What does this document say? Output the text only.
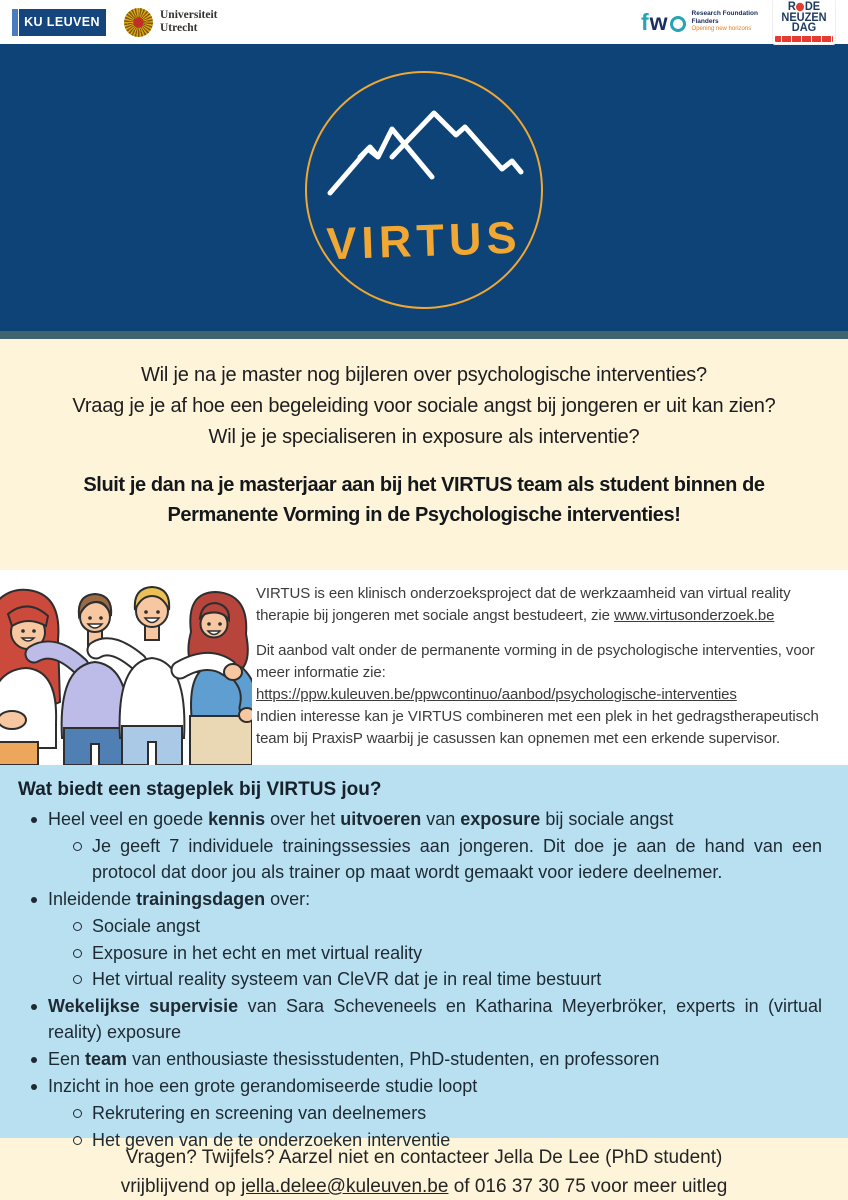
KU LEUVEN	Universiteit
Utrecht	f w	Research Foundation
Flanders
Opening new horizons
R DE
NEUZEN
DAG
VIRTUS

Wil je na je master nog bijleren over psychologische interventies?

Vraag je je af hoe een begeleiding voor sociale angst bij jongeren er uit kan zien?

Wil je je specialiseren in exposure als interventie?

Sluit je dan na je masterjaar aan bij het VIRTUS team als student binnen de
Permanente Vorming in de Psychologische interventies!

VIRTUS is een klinisch onderzoeksproject dat de werkzaamheid van virtual reality therapie bij jongeren met sociale angst bestudeert, zie www.virtusonderzoek.be

Dit aanbod valt onder de permanente vorming in de psychologische interventies, voor meer informatie zie:
https://ppw.kuleuven.be/ppwcontinuo/aanbod/psychologische-interventies
Indien interesse kan je VIRTUS combineren met een plek in het gedragstherapeutisch team bij PraxisP waarbij je casussen kan opnemen met een erkende supervisor.

Wat biedt een stageplek bij VIRTUS jou?
Heel veel en goede kennis over het uitvoeren van exposure bij sociale angst
Je geeft 7 individuele trainingssessies aan jongeren. Dit doe je aan de hand van een protocol dat door jou als trainer op maat wordt gemaakt voor iedere deelnemer.
Inleidende trainingsdagen over:
Sociale angst
Exposure in het echt en met virtual reality
Het virtual reality systeem van CleVR dat je in real time bestuurt
Wekelijkse supervisie van Sara Scheveneels en Katharina Meyerbröker, experts in (virtual reality) exposure
Een team van enthousiaste thesisstudenten, PhD-studenten, en professoren
Inzicht in hoe een grote gerandomiseerde studie loopt
Rekrutering en screening van deelnemers
Het geven van de te onderzoeken interventie

Vragen? Twijfels? Aarzel niet en contacteer Jella De Lee (PhD student)

vrijblijvend op jella.delee@kuleuven.be of 016 37 30 75 voor meer uitleg
